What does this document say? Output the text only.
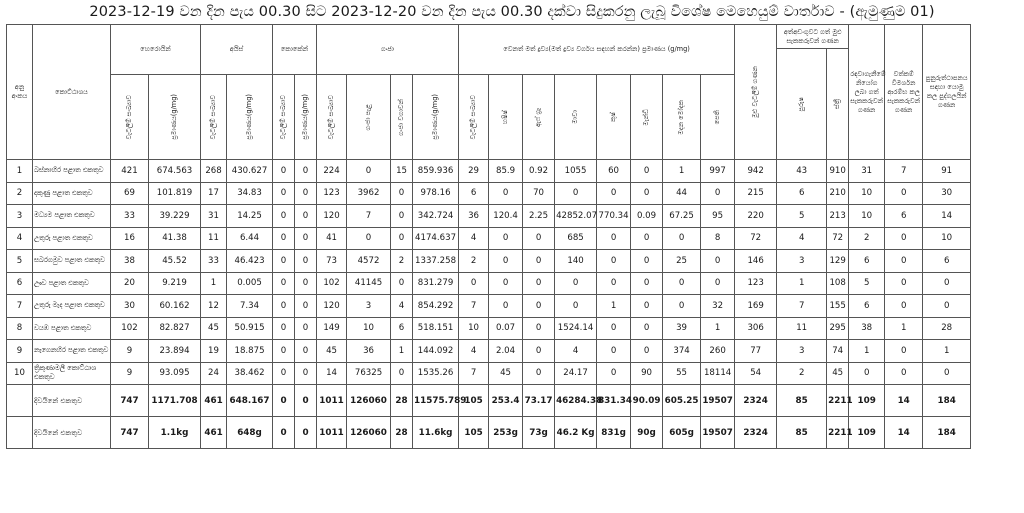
2023-12-19 වන දින පැය 00.30 සිට 2023-12-20 වන දින පැය 00.30 දක්වා සිදුකරනු ලැබූ විශේෂ මෙහෙයුම් වාර්තාව - (ඇමුණුම 01)
අනු අංකය	කොට්ඨාශය	හෙරොයින්		අයිස්		කොකේන්		ගංජා				වෙනත් මත් ද්‍රව්‍ය(මත් ද්‍රව්‍ය වර්ගය සඳහන් කරන්න) ප්‍රමාණය (g/mg)								මුළු වැටලීම් ගණන	අත්අඩංගුවට ගත් මුළු සැකකරුවන් ගණන		රඳවාගැනීමේ නියෝග ලබා ගත් සැකකරුවන් ගණන	වත්කම් විමර්ශන ආරම්භ කල සැකකරුවන් ගණන	පුනුරුත්ථාපනය සඳහා යොමු කල පුද්ගලයින් ගණන

																					පුරුෂ	ස්ත්‍රී			

		වැටලීම් සංඛ්‍යාව	ප්‍රමාණය(g/mg)	වැටලීම් සංඛ්‍යාව	ප්‍රමාණය(g/mg)	වැටලීම් සංඛ්‍යාව	ප්‍රමාණය(g/mg)	වැටලීම් සංඛ්‍යාව	ගංජා පැළ	ගංජා වගාවන්	ප්‍රමාණය(g/mg)	වැටලීම් සංඛ්‍යාව	හෂිෂ්	ඇෆ් ග්‍රෑ	මාවා	කුෂ්	මැන්ඩි	මදන මෝදක	පෙති						

1	බස්නාහිර පළාත එකතුව	421	674.563	268	430.627	0	0	224	0	15	859.936	29	85.9	0.92	1055	60	0	1	997	942	43	910	31	7	91
2	දකුණු පළාත එකතුව	69	101.819	17	34.83	0	0	123	3962	0	978.16	6	0	70	0	0	0	44	0	215	6	210	10	0	30
3	මධ්‍යම පළාත එකතුව	33	39.229	31	14.25	0	0	120	7	0	342.724	36	120.4	2.25	42852.07	770.34	0.09	67.25	95	220	5	213	10	6	14
4	උතුරු පළාත එකතුව	16	41.38	11	6.44	0	0	41	0	0	4174.637	4	0	0	685	0	0	0	8	72	4	72	2	0	10
5	සබරගමුව පළාත එකතුව	38	45.52	33	46.423	0	0	73	4572	2	1337.258	2	0	0	140	0	0	25	0	146	3	129	6	0	6
6	ඌව පළාත එකතුව	20	9.219	1	0.005	0	0	102	41145	0	831.279	0	0	0	0	0	0	0	0	123	1	108	5	0	0
7	උතුරු මැද පළාත එකතුව	30	60.162	12	7.34	0	0	120	3	4	854.292	7	0	0	0	1	0	0	32	169	7	155	6	0	0
8	වයඹ පළාත එකතුව	102	82.827	45	50.915	0	0	149	10	6	518.151	10	0.07	0	1524.14	0	0	39	1	306	11	295	38	1	28
9	නැගෙනහිර පළාත එකතුව	9	23.894	19	18.875	0	0	45	36	1	144.092	4	2.04	0	4	0	0	374	260	77	3	74	1	0	1
10	ත්‍රිකුණාමලී කොට්ඨාශ එකතුව	9	93.095	24	38.462	0	0	14	76325	0	1535.26	7	45	0	24.17	0	90	55	18114	54	2	45	0	0	0
	දිවයිනේ එකතුව	747	1171.708	461	648.167	0	0	1011	126060	28	11575.789	105	253.4	73.17	46284.38	831.34	90.09	605.25	19507	2324	85	2211	109	14	184
	දිවයිනේ එකතුව	747	1.1kg	461	648g	0	0	1011	126060	28	11.6kg	105	253g	73g	46.2 Kg	831g	90g	605g	19507	2324	85	2211	109	14	184
